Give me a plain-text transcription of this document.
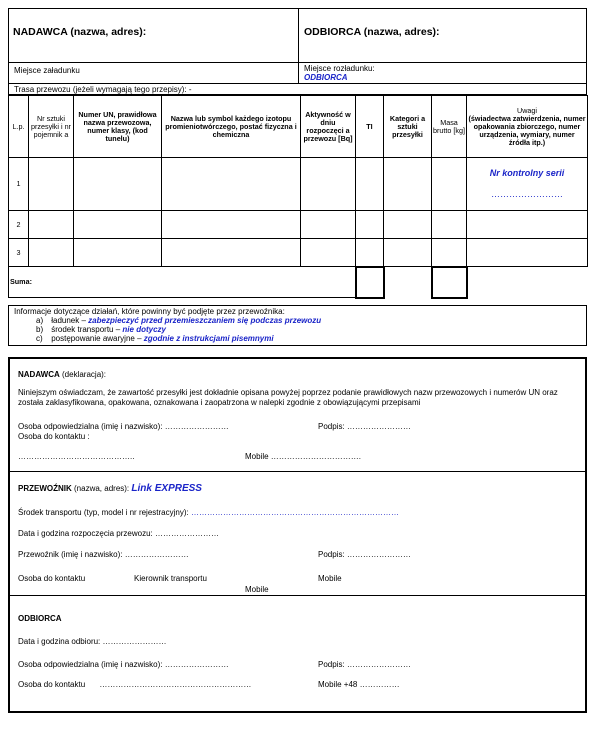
NADAWCA (nazwa, adres):	ODBIORCA (nazwa, adres):
Miejsce załadunku	Miejsce rozładunku:
ODBIORCA
Trasa przewozu (jeżeli wymagają tego przepisy): -
L.p.	Nr sztuki przesyłki i nr pojemnik a	Numer UN, prawidłowa nazwa przewozowa, numer klasy, (kod tunelu)	Nazwa lub symbol każdego izotopu promieniotwórczego, postać fizyczna i chemiczna	Aktywność w dniu rozpoczęci a przewozu [Bq]	TI	Kategori a sztuki przesyłki	Masa brutto [kg]	Uwagi
(świadectwa zatwierdzenia, numer opakowania zbiorczego, numer urządzenia, wymiary, numer źródła itp.)

1								Nr kontrolny serii
……………………

2								
3								
Suma:								
Informacje dotyczące działań, które powinny być podjęte przez przewoźnika:
a) ładunek – zabezpieczyć przed przemieszczaniem się podczas przewozu
b) środek transportu – nie dotyczy
c) postępowanie awaryjne – zgodnie z instrukcjami pisemnymi
NADAWCA (deklaracja):
Niniejszym oświadczam, że zawartość przesyłki jest dokładnie opisana powyżej poprzez podanie prawidłowych nazw przewozowych i numerów UN oraz została zaklasyfikowana, opakowana, oznakowana i zaopatrzona w nalepki zgodnie z obowiązującymi przepisami
Osoba odpowiedzialna (imię i nazwisko): ……………………	Podpis: ……………………
Osoba do kontaktu :
……………………………………..	Mobile …………………………….
PRZEWOŹNIK (nazwa, adres): Link EXPRESS
Środek transportu (typ, model i nr rejestracyjny): ……………………………………………………………………
Data i godzina rozpoczęcia przewozu: ……………………
Przewoźnik (imię i nazwisko): ……………………	Podpis: ……………………
Osoba do kontaktu	Kierownik transportu	Mobile
Mobile
ODBIORCA
Data i godzina odbioru: ……………………
Osoba odpowiedzialna (imię i nazwisko): ……………………	Podpis: ……………………
Osoba do kontaktu …………………………………………………	Mobile +48 ……………
